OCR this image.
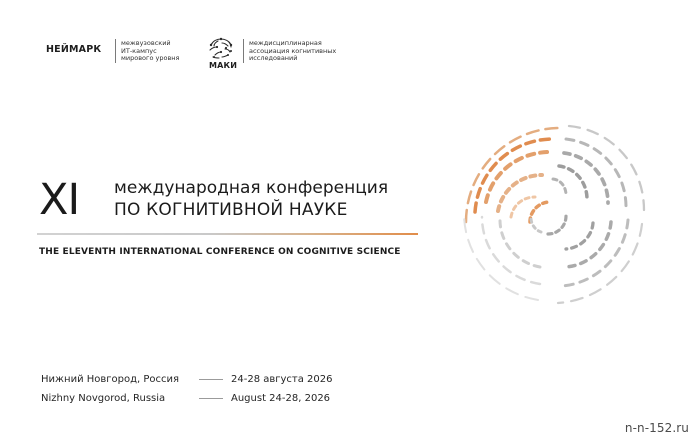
НЕЙМАРК
межвузовский
ИТ-кампус
мирового уровня
МАКИ
междисциплинарная
ассоциация когнитивных
исследований
XI международная конференция
ПО КОГНИТИВНОЙ НАУКЕ
THE ELEVENTH INTERNATIONAL CONFERENCE ON COGNITIVE SCIENCE
Нижний Новгород, Россия	24-28 августа 2026
Nizhny Novgorod, Russia	August 24-28, 2026
n-n-152.ru
